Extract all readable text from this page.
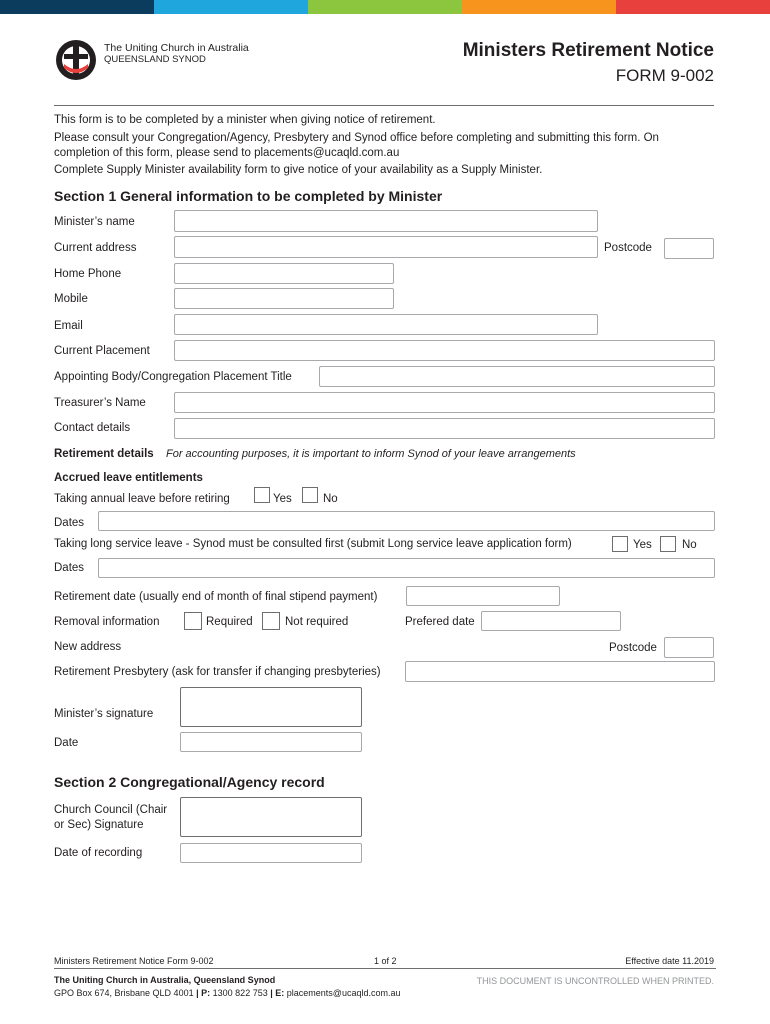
The Uniting Church in Australia
QUEENSLAND SYNOD	Ministers Retirement Notice
FORM 9-002
This form is to be completed by a minister when giving notice of retirement.
Please consult your Congregation/Agency, Presbytery and Synod office before completing and submitting this form. On
completion of this form, please send to placements@ucaqld.com.au
Complete Supply Minister availability form to give notice of your availability as a Supply Minister.
Section 1 General information to be completed by Minister
Minister’s name
Current address	Postcode
Home Phone
Mobile
Email
Current Placement
Appointing Body/Congregation Placement Title
Treasurer’s Name
Contact details
Retirement details For accounting purposes, it is important to inform Synod of your leave arrangements
Accrued leave entitlements
Taking annual leave before retiring	Yes	No
Dates
Taking long service leave - Synod must be consulted first (submit Long service leave application form)	Yes	No
Dates
Retirement date (usually end of month of final stipend payment)
Removal information	Required	Not required	Prefered date
New address	Postcode
Retirement Presbytery (ask for transfer if changing presbyteries)
Minister’s signature
Date
Section 2 Congregational/Agency record
Church Council (Chair
or Sec) Signature
Date of recording
Ministers Retirement Notice Form 9-002	1 of 2	Effective date 11.2019
The Uniting Church in Australia, Queensland Synod
GPO Box 674, Brisbane QLD 4001 | P: 1300 822 753 | E: placements@ucaqld.com.au
THIS DOCUMENT IS UNCONTROLLED WHEN PRINTED.
